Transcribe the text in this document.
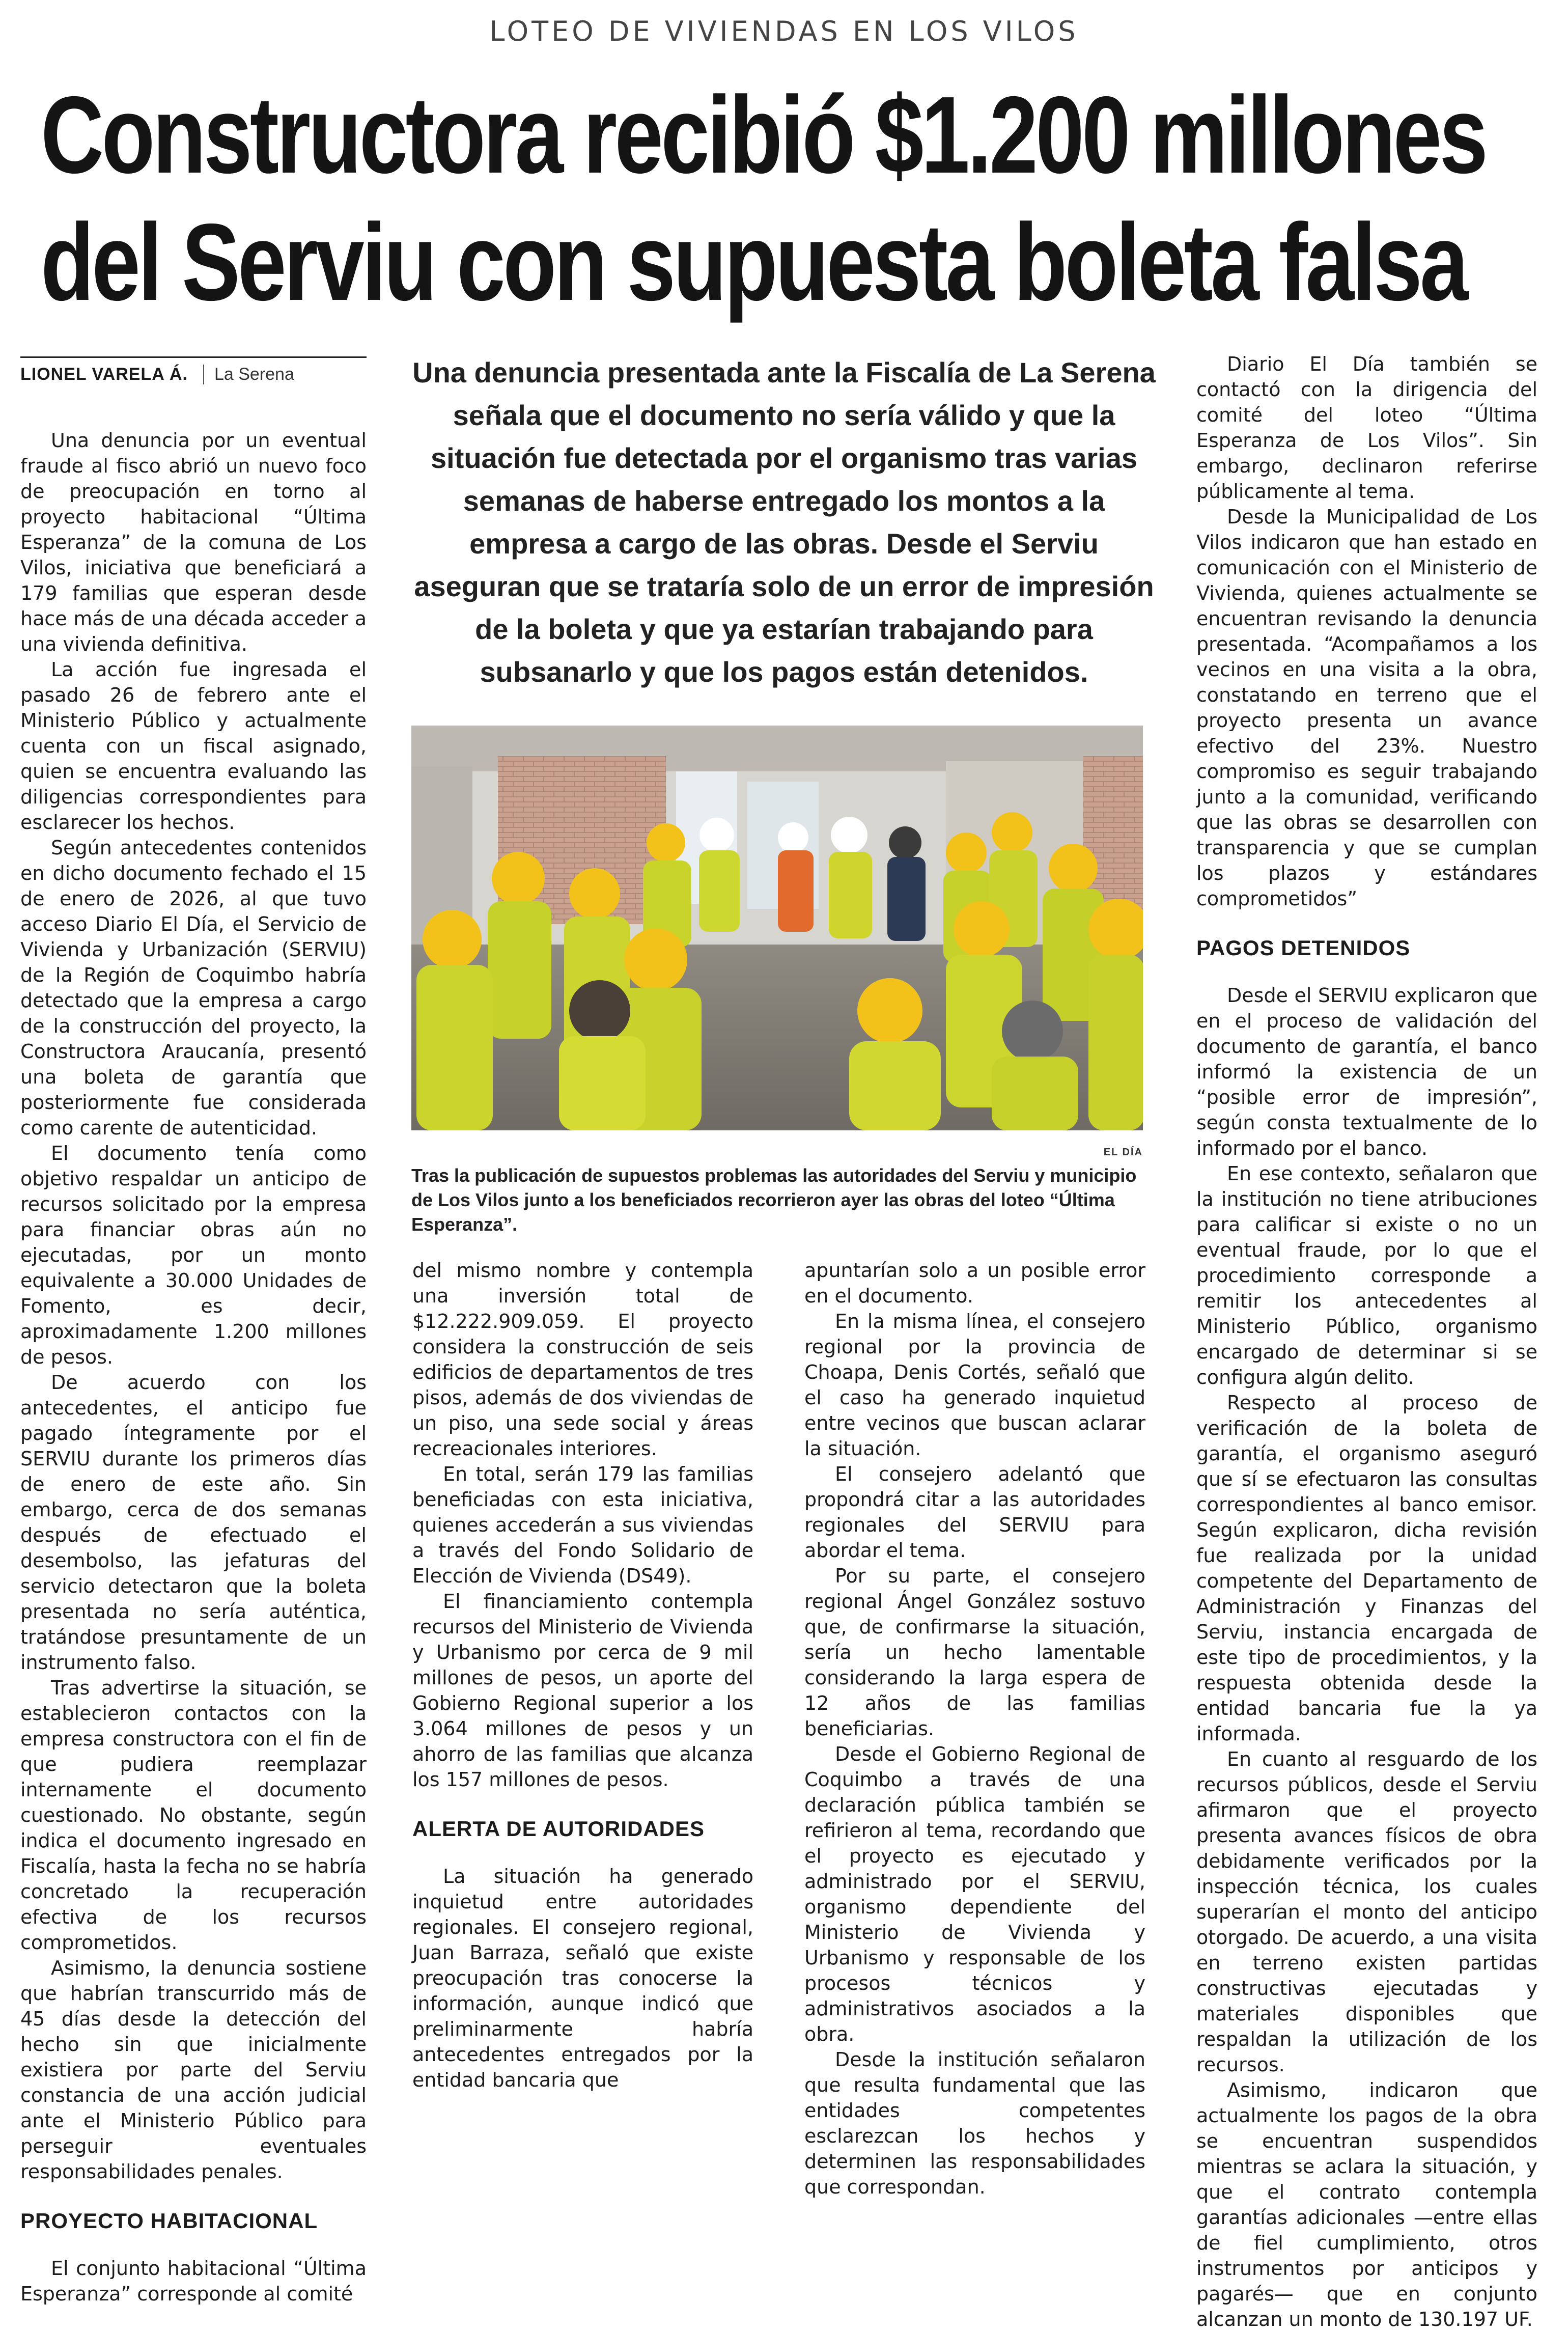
LOTEO DE VIVIENDAS EN LOS VILOS
Constructora recibió $1.200 millones
del Serviu con supuesta boleta falsa
LIONEL VARELA Á.	La Serena	Una denuncia presentada ante la Fiscalía de La Serena señala que el documento no sería válido y que la situación fue detectada por el organismo tras varias semanas de haberse entregado los montos a la empresa a cargo de las obras. Desde el Serviu aseguran que se trataría solo de un error de impresión de la boleta y que ya estarían trabajando para subsanarlo y que los pagos están detenidos.

Una denuncia por un eventual fraude al fisco abrió un nuevo foco de preocupación en torno al proyecto habitacional “Última Esperanza” de la comuna de Los Vilos, iniciativa que beneficiará a 179 familias que esperan desde hace más de una década acceder a una vivienda definitiva.

La acción fue ingresada el pasado 26 de febrero ante el Ministerio Público y actualmente cuenta con un fiscal asignado, quien se encuentra evaluando las diligencias correspondientes para esclarecer los hechos.

Según antecedentes contenidos en dicho documento fechado el 15 de enero de 2026, al que tuvo acceso Diario El Día, el Servicio de Vivienda y Urbanización (SERVIU) de la Región de Coquimbo habría detectado que la empresa a cargo de la construcción del proyecto, la Constructora Araucanía, presentó una boleta de garantía que posteriormente fue considerada como carente de autenticidad.

El documento tenía como objetivo respaldar un anticipo de recursos solicitado por la empresa para financiar obras aún no ejecutadas, por un monto equivalente a 30.000 Unidades de Fomento, es decir, aproximadamente 1.200 millones de pesos.

De acuerdo con los antecedentes, el anticipo fue pagado íntegramente por el SERVIU durante los primeros días de enero de este año. Sin embargo, cerca de dos semanas después de efectuado el desembolso, las jefaturas del servicio detectaron que la boleta presentada no sería auténtica, tratándose presuntamente de un instrumento falso.

Tras advertirse la situación, se establecieron contactos con la empresa constructora con el fin de que pudiera reemplazar internamente el documento cuestionado. No obstante, según indica el documento ingresado en Fiscalía, hasta la fecha no se habría concretado la recuperación efectiva de los recursos comprometidos.

Asimismo, la denuncia sostiene que habrían transcurrido más de 45 días desde la detección del hecho sin que inicialmente existiera por parte del Serviu constancia de una acción judicial ante el Ministerio Público para perseguir eventuales responsabilidades penales.

PROYECTO HABITACIONAL

El conjunto habitacional “Última Esperanza” corresponde al comité

EL DÍA

Tras la publicación de supuestos problemas las autoridades del Serviu y municipio de Los Vilos junto a los beneficiados recorrieron ayer las obras del loteo “Última Esperanza”.

del mismo nombre y contempla una inversión total de $12.222.909.059. El proyecto considera la construcción de seis edificios de departamentos de tres pisos, además de dos viviendas de un piso, una sede social y áreas recreacionales interiores.

En total, serán 179 las familias beneficiadas con esta iniciativa, quienes accederán a sus viviendas a través del Fondo Solidario de Elección de Vivienda (DS49).

El financiamiento contempla recursos del Ministerio de Vivienda y Urbanismo por cerca de 9 mil millones de pesos, un aporte del Gobierno Regional superior a los 3.064 millones de pesos y un ahorro de las familias que alcanza los 157 millones de pesos.

ALERTA DE AUTORIDADES

La situación ha generado inquietud entre autoridades regionales. El consejero regional, Juan Barraza, señaló que existe preocupación tras conocerse la información, aunque indicó que preliminarmente habría antecedentes entregados por la entidad bancaria que

apuntarían solo a un posible error en el documento.

En la misma línea, el consejero regional por la provincia de Choapa, Denis Cortés, señaló que el caso ha generado inquietud entre vecinos que buscan aclarar la situación.

El consejero adelantó que propondrá citar a las autoridades regionales del SERVIU para abordar el tema.

Por su parte, el consejero regional Ángel González sostuvo que, de confirmarse la situación, sería un hecho lamentable considerando la larga espera de 12 años de las familias beneficiarias.

Desde el Gobierno Regional de Coquimbo a través de una declaración pública también se refirieron al tema, recordando que el proyecto es ejecutado y administrado por el SERVIU, organismo dependiente del Ministerio de Vivienda y Urbanismo y responsable de los procesos técnicos y administrativos asociados a la obra.

Desde la institución señalaron que resulta fundamental que las entidades competentes esclarezcan los hechos y determinen las responsabilidades que correspondan.

Diario El Día también se contactó con la dirigencia del comité del loteo “Última Esperanza de Los Vilos”. Sin embargo, declinaron referirse públicamente al tema.

Desde la Municipalidad de Los Vilos indicaron que han estado en comunicación con el Ministerio de Vivienda, quienes actualmente se encuentran revisando la denuncia presentada. “Acompañamos a los vecinos en una visita a la obra, constatando en terreno que el proyecto presenta un avance efectivo del 23%. Nuestro compromiso es seguir trabajando junto a la comunidad, verificando que las obras se desarrollen con transparencia y que se cumplan los plazos y estándares comprometidos”

PAGOS DETENIDOS

Desde el SERVIU explicaron que en el proceso de validación del documento de garantía, el banco informó la existencia de un “posible error de impresión”, según consta textualmente de lo informado por el banco.

En ese contexto, señalaron que la institución no tiene atribuciones para calificar si existe o no un eventual fraude, por lo que el procedimiento corresponde a remitir los antecedentes al Ministerio Público, organismo encargado de determinar si se configura algún delito.

Respecto al proceso de verificación de la boleta de garantía, el organismo aseguró que sí se efectuaron las consultas correspondientes al banco emisor. Según explicaron, dicha revisión fue realizada por la unidad competente del Departamento de Administración y Finanzas del Serviu, instancia encargada de este tipo de procedimientos, y la respuesta obtenida desde la entidad bancaria fue la ya informada.

En cuanto al resguardo de los recursos públicos, desde el Serviu afirmaron que el proyecto presenta avances físicos de obra debidamente verificados por la inspección técnica, los cuales superarían el monto del anticipo otorgado. De acuerdo, a una visita en terreno existen partidas constructivas ejecutadas y materiales disponibles que respaldan la utilización de los recursos.

Asimismo, indicaron que actualmente los pagos de la obra se encuentran suspendidos mientras se aclara la situación, y que el contrato contempla garantías adicionales —entre ellas de fiel cumplimiento, otros instrumentos por anticipos y pagarés— que en conjunto alcanzan un monto de 130.197 UF.
